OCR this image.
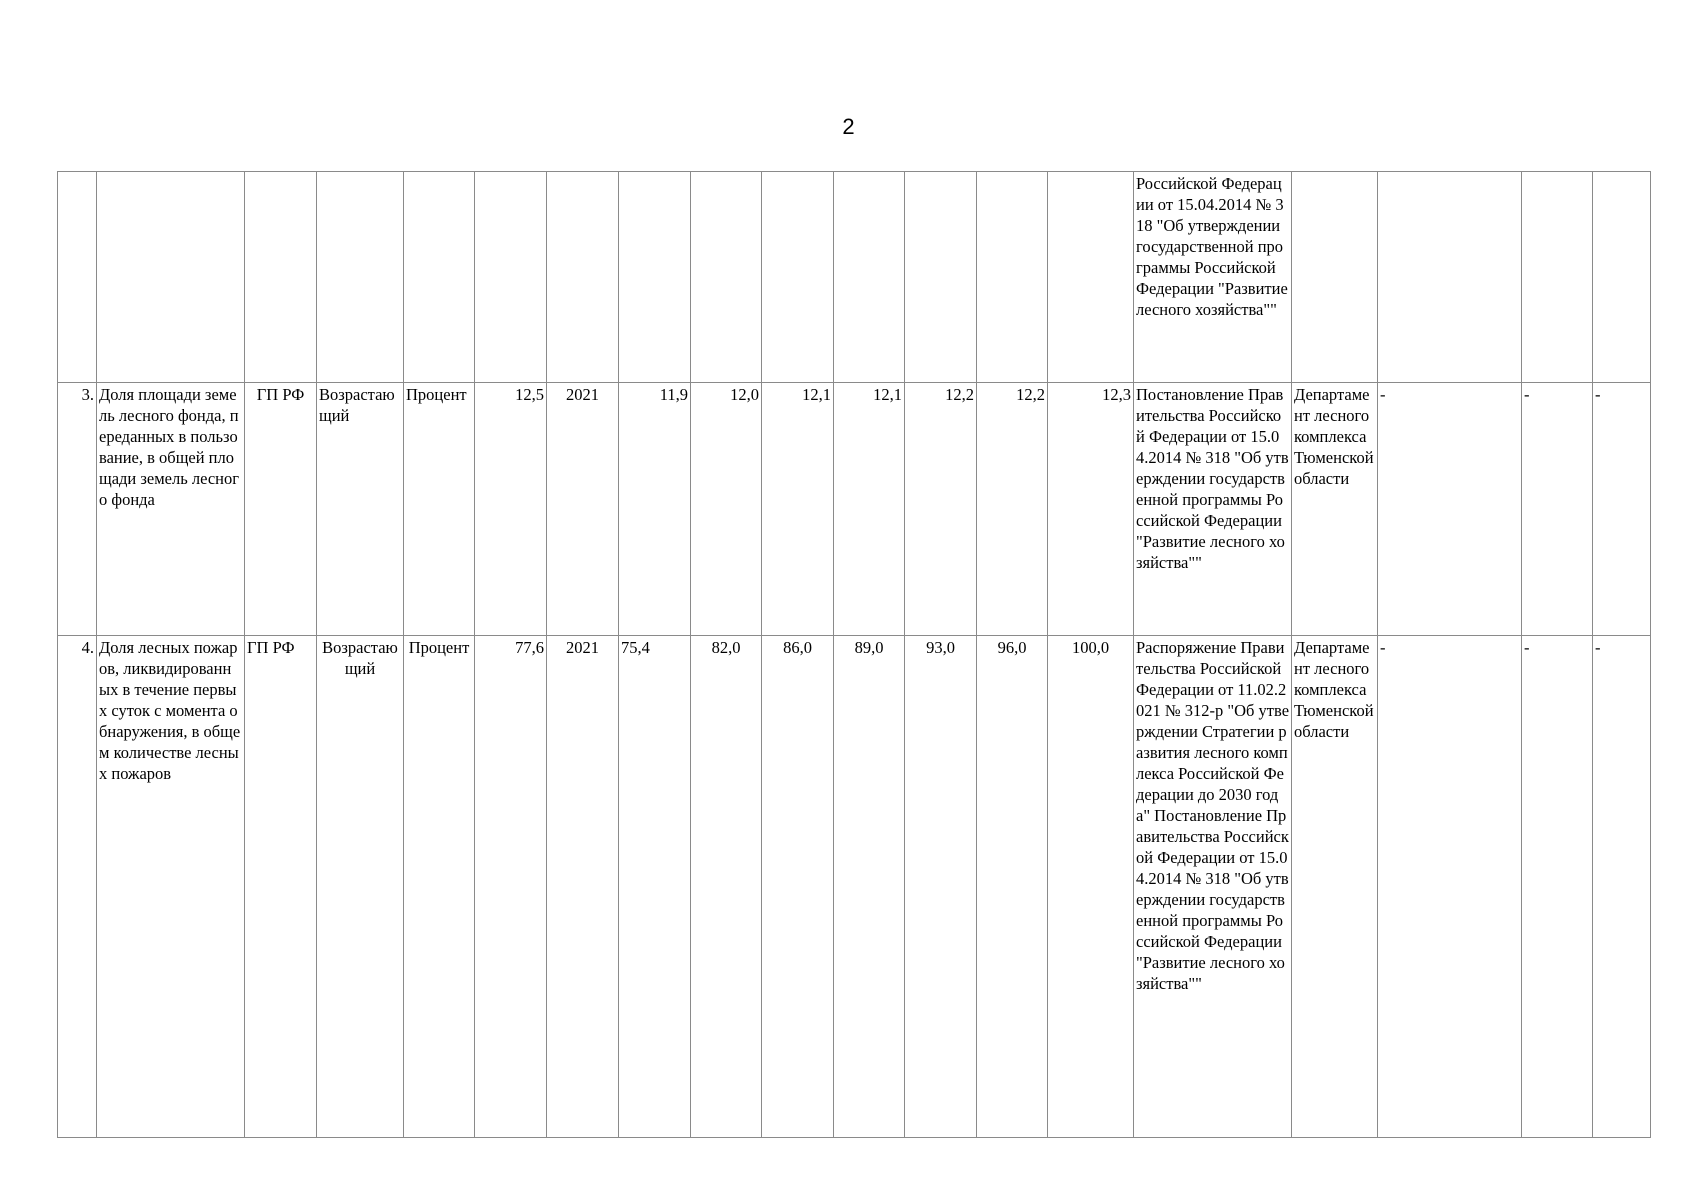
2
														Российской Федерации от 15.04.2014 № 318 "Об утверждении государственной программы Российской Федерации "Развитие лесного хозяйства""				
3.	Доля площади земель лесного фонда, переданных в пользование, в общей площади земель лесного фонда	ГП РФ	Возрастающий	Процент	12,5	2021	11,9	12,0	12,1	12,1	12,2	12,2	12,3	Постановление Правительства Российской Федерации от 15.04.2014 № 318 "Об утверждении государственной программы Российской Федерации "Развитие лесного хозяйства""	Департамент лесного комплекса Тюменской области	-	-	-
4.	Доля лесных пожаров, ликвидированных в течение первых суток с момента обнаружения, в общем количестве лесных пожаров	ГП РФ	Возрастающий	Процент	77,6	2021	75,4	82,0	86,0	89,0	93,0	96,0	100,0	Распоряжение Правительства Российской Федерации от 11.02.2021 № 312-р "Об утверждении Стратегии развития лесного комплекса Российской Федерации до 2030 года" Постановление Правительства Российской Федерации от 15.04.2014 № 318 "Об утверждении государственной программы Российской Федерации "Развитие лесного хозяйства""	Департамент лесного комплекса Тюменской области	-	-	-
